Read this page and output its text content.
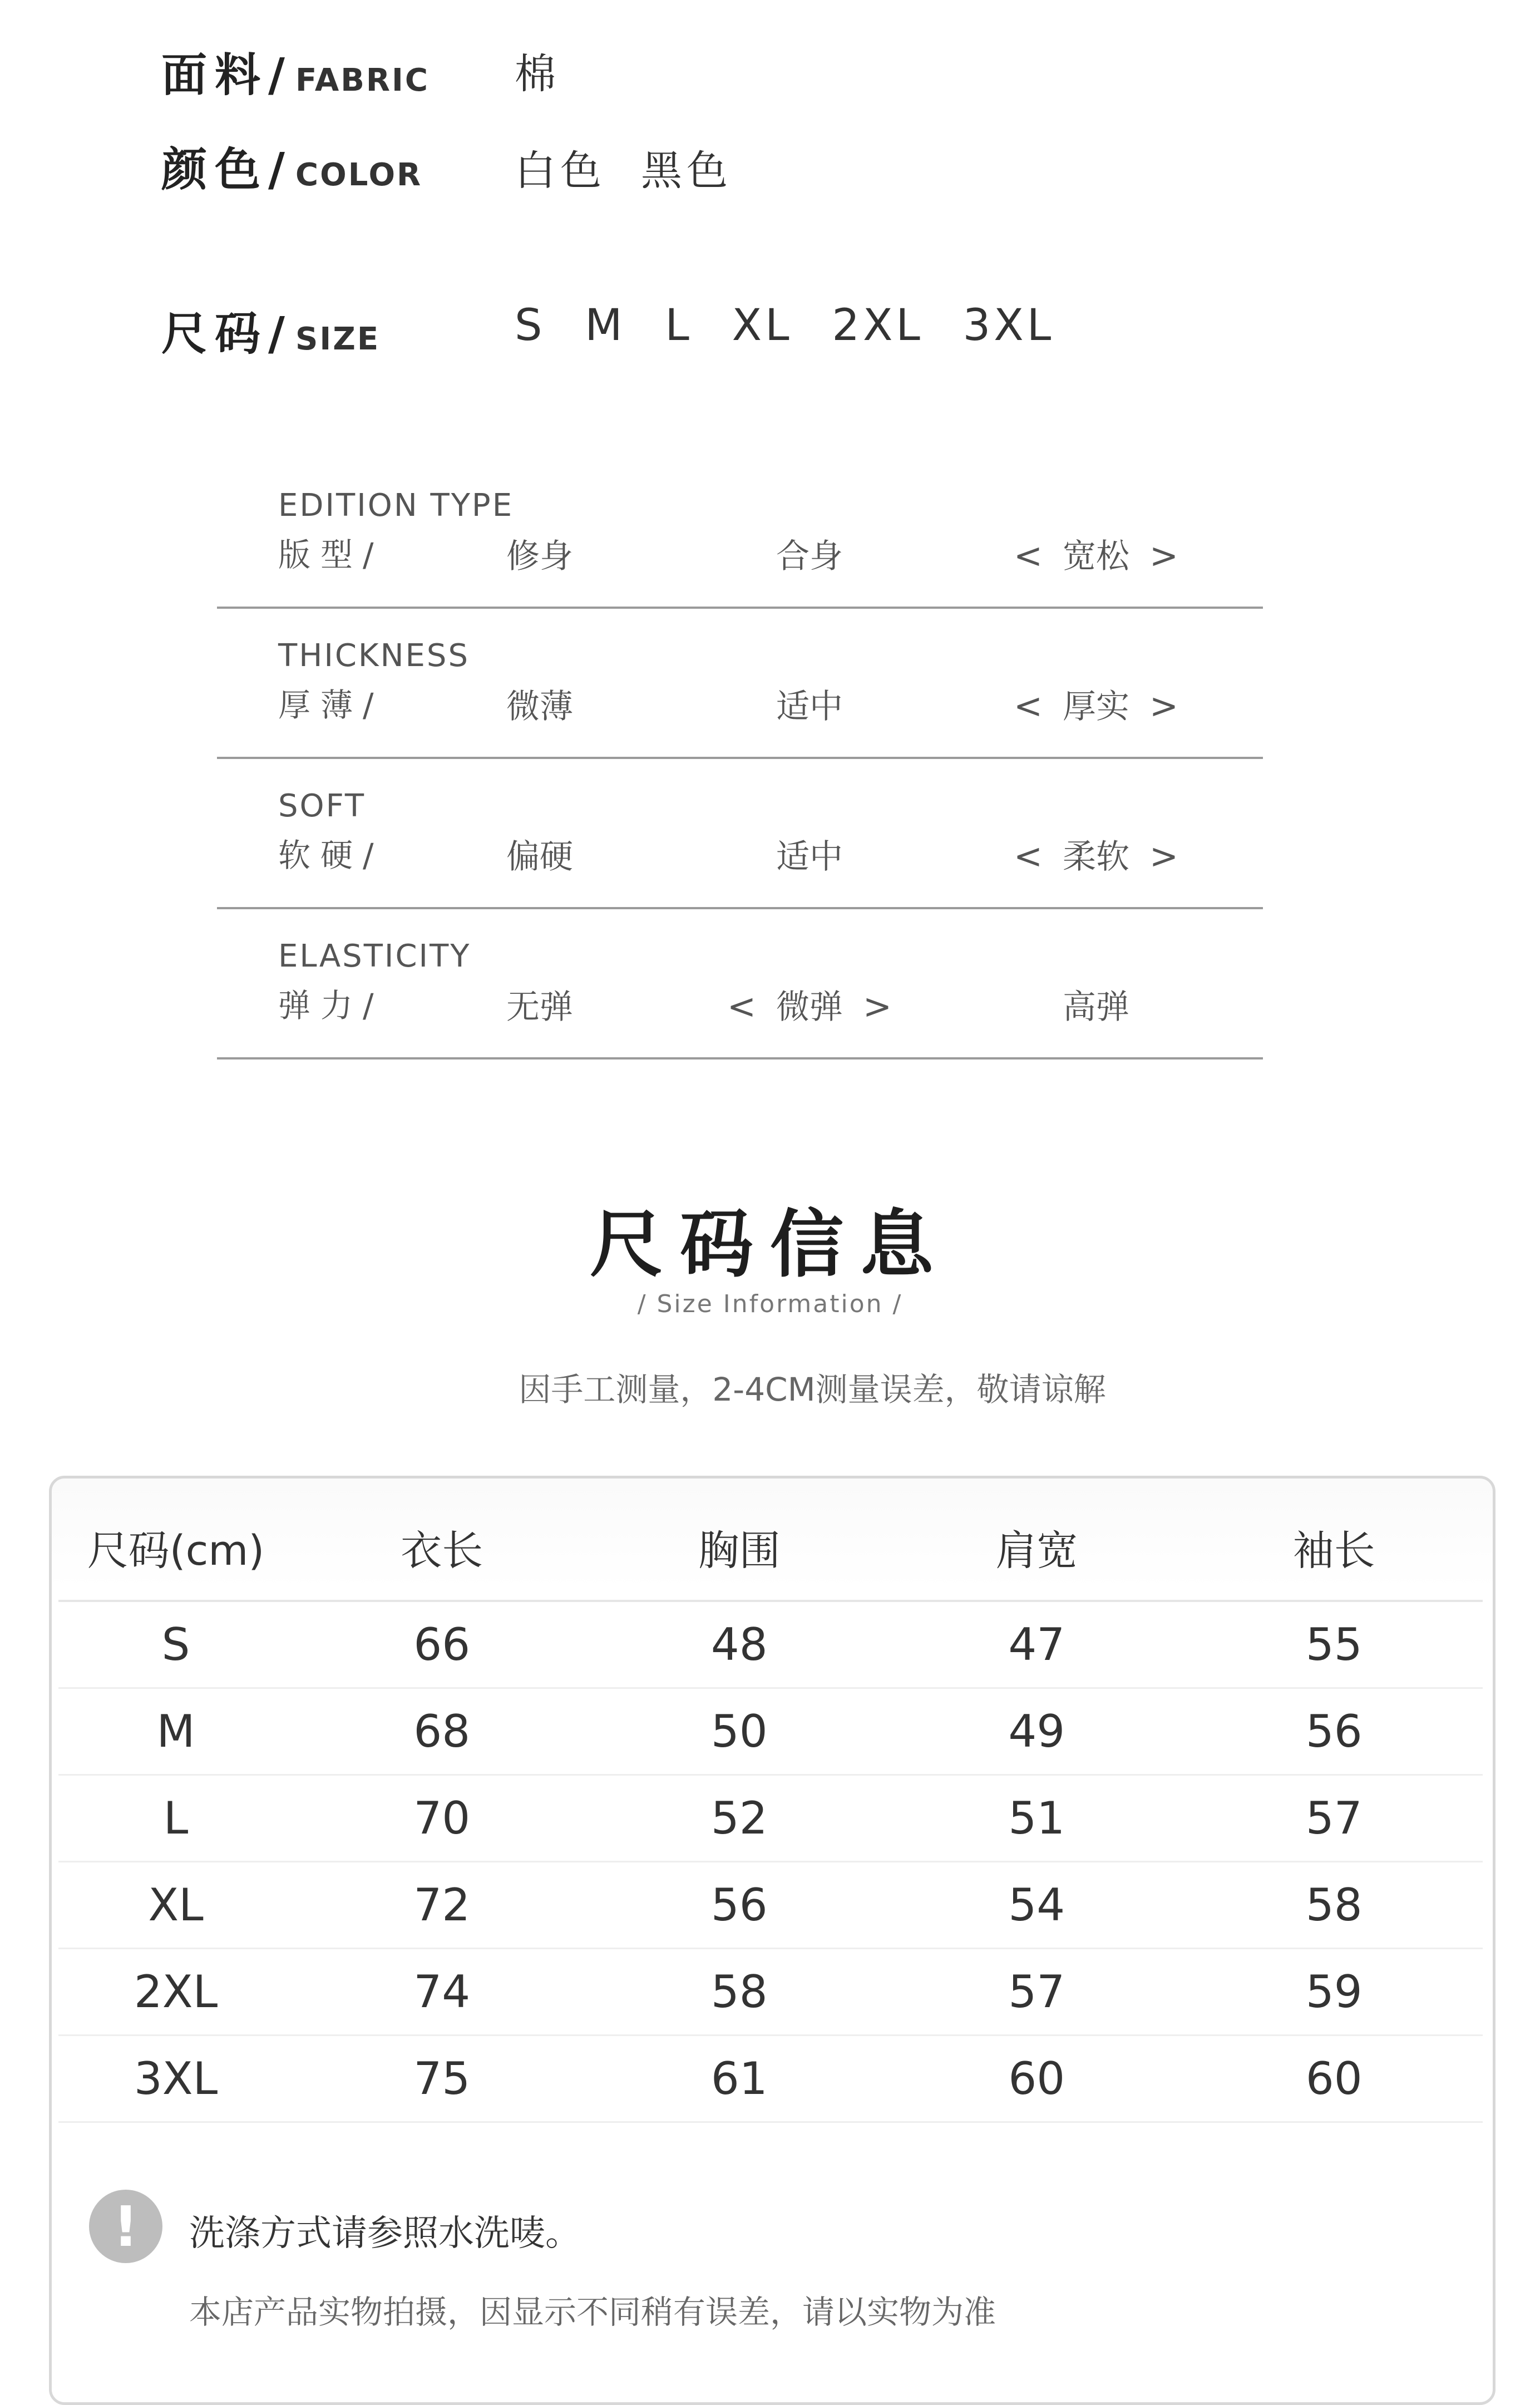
面料/ FABRIC 棉
颜色/ COLOR 白色  黑色
尺码/ SIZE	S M L XL 2XL 3XL
EDITION TYPE
版型/	修身	合身	< 宽松 >
THICKNESS
厚薄/	微薄	适中	< 厚实 >
SOFT
软硬/	偏硬	适中	< 柔软 >
ELASTICITY
弹力/	无弹	< 微弹 >	高弹
尺码信息
/ Size Information /
因手工测量，2-4CM测量误差，敬请谅解
尺码(cm)	衣长	胸围	肩宽	袖长
S	66	48	47	55
M	68	50	49	56
L	70	52	51	57
XL	72	56	54	58
2XL	74	58	57	59
3XL	75	61	60	60
!	洗涤方式请参照水洗唛。
本店产品实物拍摄，因显示不同稍有误差，请以实物为准
